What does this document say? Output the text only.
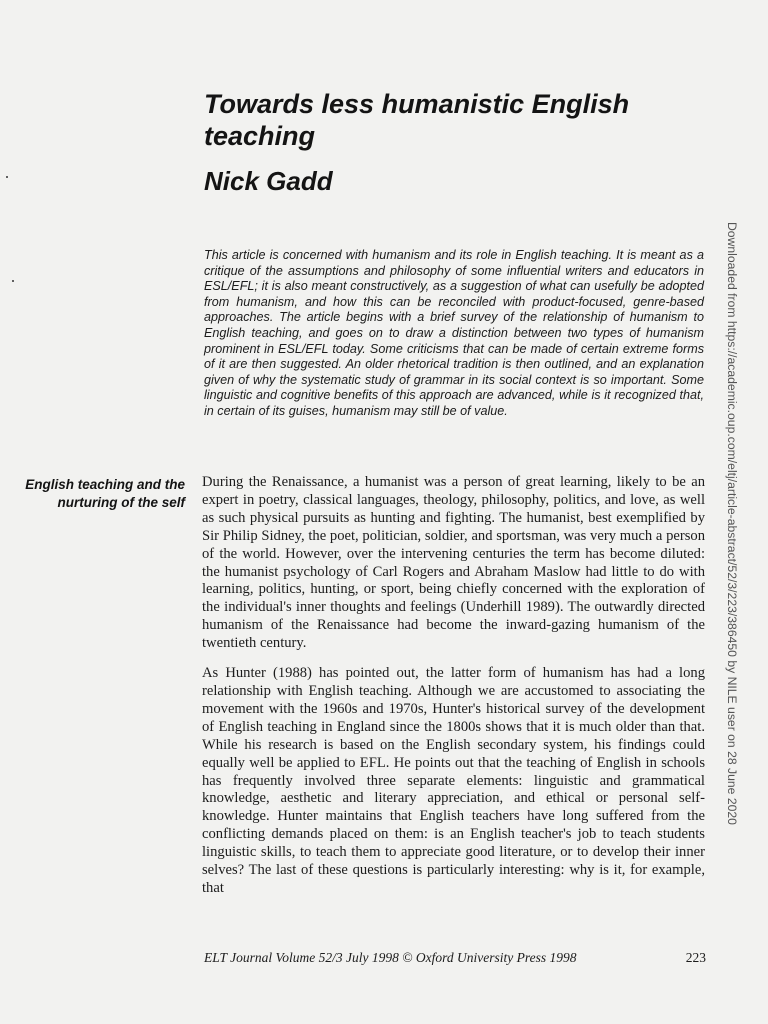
Towards less humanistic English teaching
Nick Gadd

This article is concerned with humanism and its role in English teaching. It is meant as a critique of the assumptions and philosophy of some influential writers and educators in ESL/EFL; it is also meant constructively, as a suggestion of what can usefully be adopted from humanism, and how this can be reconciled with product-focused, genre-based approaches. The article begins with a brief survey of the relationship of humanism to English teaching, and goes on to draw a distinction between two types of humanism prominent in ESL/EFL today. Some criticisms that can be made of certain extreme forms of it are then suggested. An older rhetorical tradition is then outlined, and an explanation given of why the systematic study of grammar in its social context is so important. Some linguistic and cognitive benefits of this approach are advanced, while is it recognized that, in certain of its guises, humanism may still be of value.

English teaching and the nurturing of the self

During the Renaissance, a humanist was a person of great learning, likely to be an expert in poetry, classical languages, theology, philosophy, politics, and love, as well as such physical pursuits as hunting and fighting. The humanist, best exemplified by Sir Philip Sidney, the poet, politician, soldier, and sportsman, was very much a person of the world. However, over the intervening centuries the term has become diluted: the humanist psychology of Carl Rogers and Abraham Maslow had little to do with learning, politics, hunting, or sport, being chiefly concerned with the exploration of the individual's inner thoughts and feelings (Underhill 1989). The outwardly directed humanism of the Renaissance had become the inward-gazing humanism of the twentieth century.

As Hunter (1988) has pointed out, the latter form of humanism has had a long relationship with English teaching. Although we are accustomed to associating the movement with the 1960s and 1970s, Hunter's historical survey of the development of English teaching in England since the 1800s shows that it is much older than that. While his research is based on the English secondary system, his findings could equally well be applied to EFL. He points out that the teaching of English in schools has frequently involved three separate elements: linguistic and grammatical knowledge, aesthetic and literary appreciation, and ethical or personal self-knowledge. Hunter maintains that English teachers have long suffered from the conflicting demands placed on them: is an English teacher's job to teach students linguistic skills, to teach them to appreciate good literature, or to develop their inner selves? The last of these questions is particularly interesting: why is it, for example, that

ELT Journal Volume 52/3 July 1998 © Oxford University Press 1998	223

Downloaded from https://academic.oup.com/eltj/article-abstract/52/3/223/386450 by NILE user on 28 June 2020
